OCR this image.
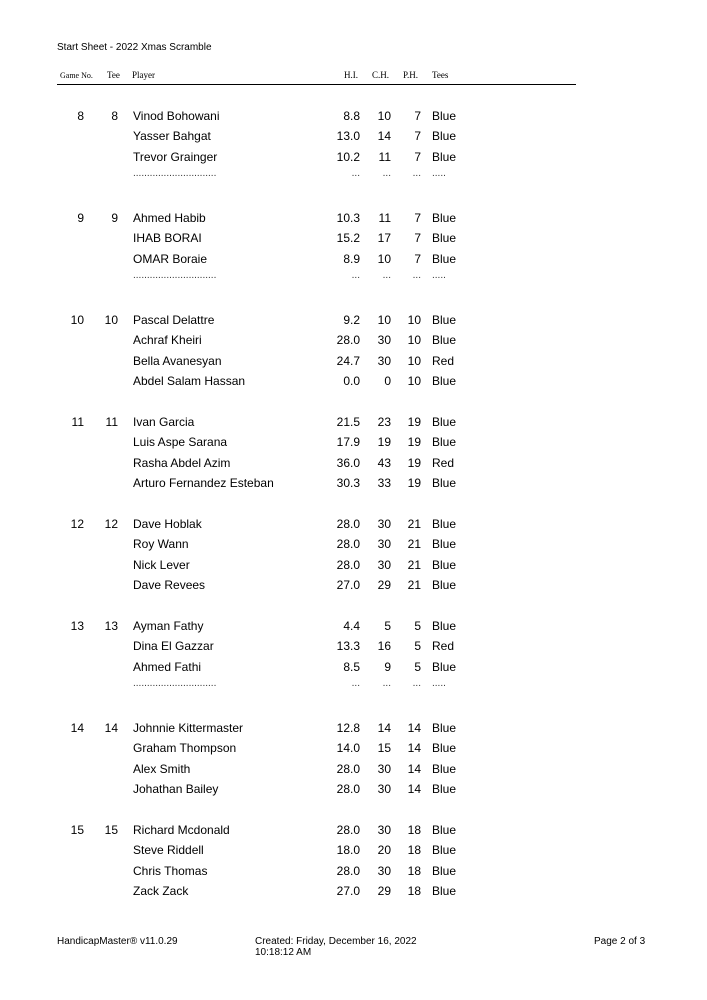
Start Sheet - 2022 Xmas Scramble
Game No. Tee Player	H.I. C.H. P.H. Tees
8	8 Vinod Bohowani	8.8	10	7 Blue
Yasser Bahgat	13.0	14	7 Blue
Trevor Grainger	10.2	11	7 Blue
..............................	...	...	... .....
9	9 Ahmed Habib	10.3	11	7 Blue
IHAB BORAI	15.2	17	7 Blue
OMAR Boraie	8.9	10	7 Blue
..............................	...	...	... .....
10	10 Pascal Delattre	9.2	10	10 Blue
Achraf Kheiri	28.0	30	10 Blue
Bella Avanesyan	24.7	30	10 Red
Abdel Salam Hassan	0.0	0	10 Blue
11	11 Ivan Garcia	21.5	23	19 Blue
Luis Aspe Sarana	17.9	19	19 Blue
Rasha Abdel Azim	36.0	43	19 Red
Arturo Fernandez Esteban	30.3	33	19 Blue
12	12 Dave Hoblak	28.0	30	21 Blue
Roy Wann	28.0	30	21 Blue
Nick Lever	28.0	30	21 Blue
Dave Revees	27.0	29	21 Blue
13	13 Ayman Fathy	4.4	5	5 Blue
Dina El Gazzar	13.3	16	5 Red
Ahmed Fathi	8.5	9	5 Blue
..............................	...	...	... .....
14	14 Johnnie Kittermaster	12.8	14	14 Blue
Graham Thompson	14.0	15	14 Blue
Alex Smith	28.0	30	14 Blue
Johathan Bailey	28.0	30	14 Blue
15	15 Richard Mcdonald	28.0	30	18 Blue
Steve Riddell	18.0	20	18 Blue
Chris Thomas	28.0	30	18 Blue
Zack Zack	27.0	29	18 Blue
HandicapMaster® v11.0.29	Created: Friday, December 16, 2022 10:18:12 AM
Page 2 of 3
